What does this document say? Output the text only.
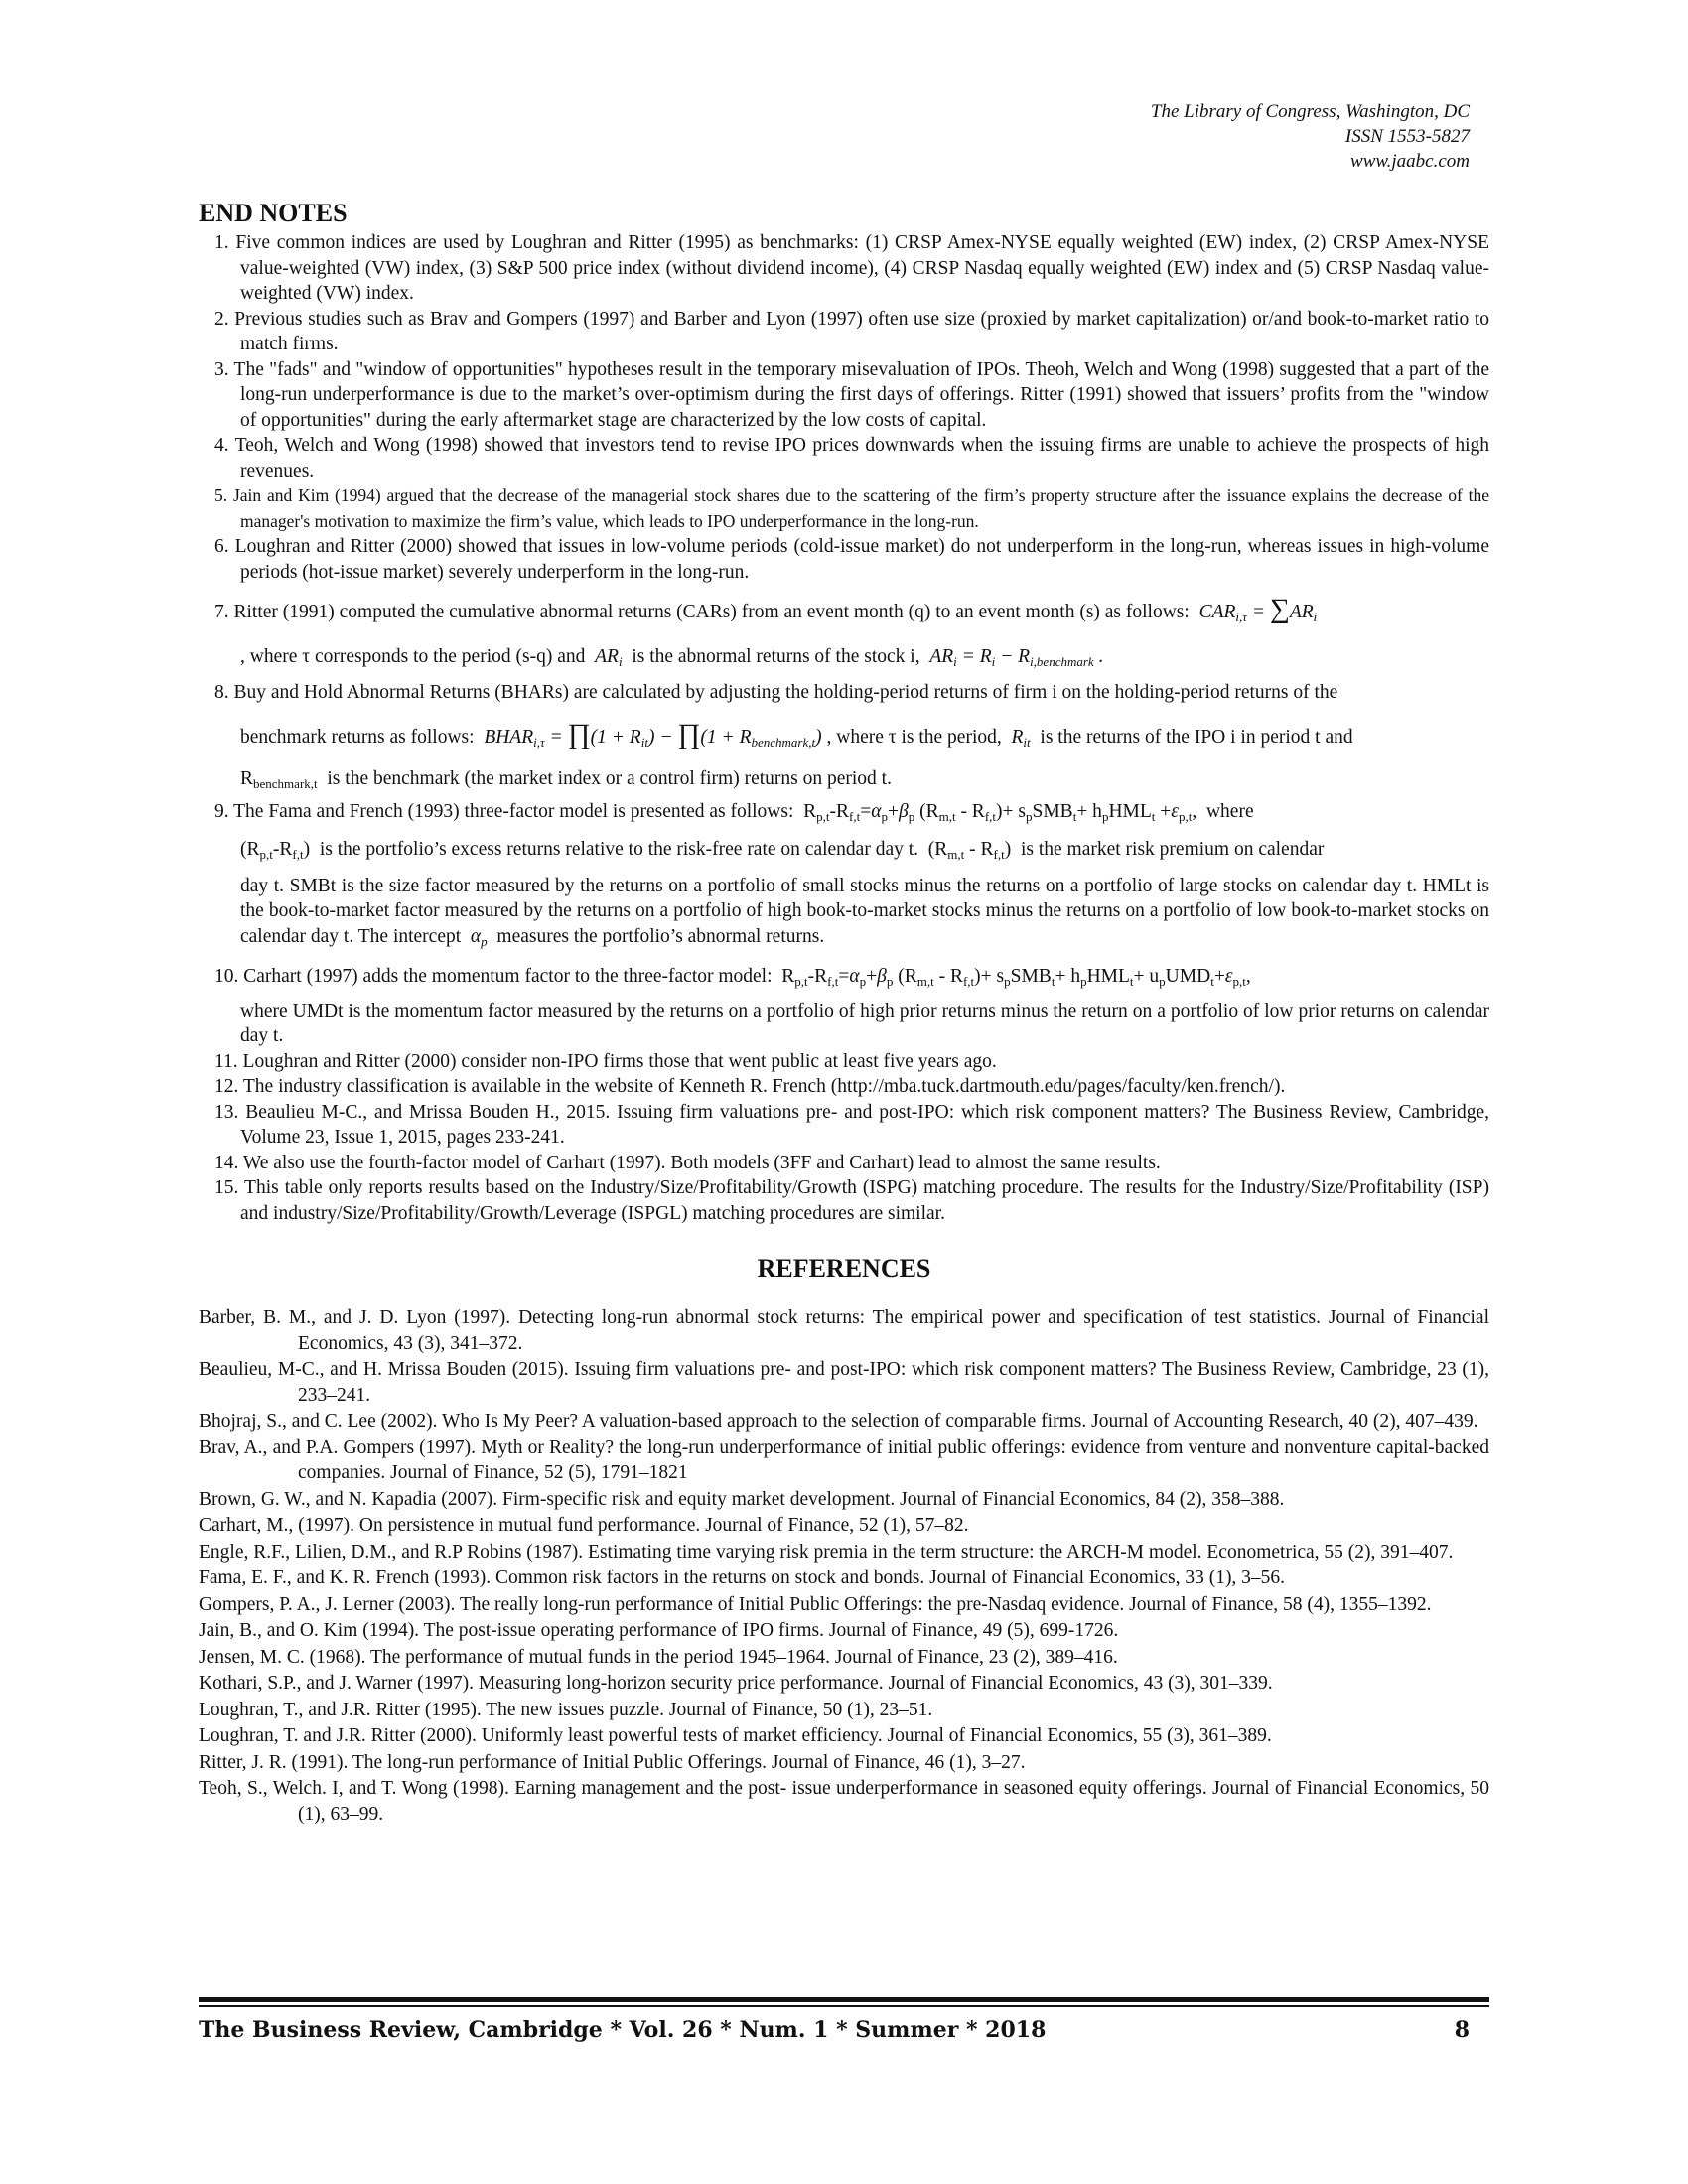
The Library of Congress, Washington, DC
ISSN 1553-5827
www.jaabc.com
END NOTES

1. Five common indices are used by Loughran and Ritter (1995) as benchmarks: (1) CRSP Amex-NYSE equally weighted (EW) index, (2) CRSP Amex-NYSE value-weighted (VW) index, (3) S&P 500 price index (without dividend income), (4) CRSP Nasdaq equally weighted (EW) index and (5) CRSP Nasdaq value-weighted (VW) index.

2. Previous studies such as Brav and Gompers (1997) and Barber and Lyon (1997) often use size (proxied by market capitalization) or/and book-to-market ratio to match firms.

3. The "fads" and "window of opportunities" hypotheses result in the temporary misevaluation of IPOs. Theoh, Welch and Wong (1998) suggested that a part of the long-run underperformance is due to the market’s over-optimism during the first days of offerings. Ritter (1991) showed that issuers’ profits from the "window of opportunities" during the early aftermarket stage are characterized by the low costs of capital.

4. Teoh, Welch and Wong (1998) showed that investors tend to revise IPO prices downwards when the issuing firms are unable to achieve the prospects of high revenues.

5. Jain and Kim (1994) argued that the decrease of the managerial stock shares due to the scattering of the firm’s property structure after the issuance explains the decrease of the manager's motivation to maximize the firm’s value, which leads to IPO underperformance in the long-run.

6. Loughran and Ritter (2000) showed that issues in low-volume periods (cold-issue market) do not underperform in the long-run, whereas issues in high-volume periods (hot-issue market) severely underperform in the long-run.

7. Ritter (1991) computed the cumulative abnormal returns (CARs) from an event month (q) to an event month (s) as follows:  $CAR_{i,\tau} = \sum AR_i$
, where τ corresponds to the period (s-q) and  $AR_i$ is the abnormal returns of the stock i,  $AR_i = R_i - R_{i,benchmark}$ .
8. Buy and Hold Abnormal Returns (BHARs) are calculated by adjusting the holding-period returns of firm i on the holding-period returns of the
benchmark returns as follows:  $BHAR_{i,\tau}$ = ∏(1 + $R_{it}$) − ∏(1 + $R_{benchmark,t}$) , where τ is the period,  $R_{it}$ is the returns of the IPO i in period t and
$R_{benchmark,t}$ is the benchmark (the market index or a control firm) returns on period t.
9. The Fama and French (1993) three-factor model is presented as follows:  $R_{p,t}-R_{f,t}=\alpha_p+\beta_p$ $(R_{m,t} - R_{f,t})+ s_pSMB_t+ h_pHML_t +\varepsilon_{p,t}$,  where
$(R_{p,t}-R_{f,t})$  is the portfolio’s excess returns relative to the risk-free rate on calendar day t.  $(R_{m,t} - R_{f,t})$  is the market risk premium on calendar
day t. SMBt is the size factor measured by the returns on a portfolio of small stocks minus the returns on a portfolio of large stocks on calendar day t. HMLt is the book-to-market factor measured by the returns on a portfolio of high book-to-market stocks minus the returns on a portfolio of low book-to-market stocks on calendar day t. The intercept  $\alpha_p$ measures the portfolio’s abnormal returns.
10. Carhart (1997) adds the momentum factor to the three-factor model:  $R_{p,t}-R_{f,t}=\alpha_p+\beta_p$ $(R_{m,t} - R_{f,t})+ s_pSMB_t+ h_pHML_t+ u_pUMD_t+\varepsilon_{p,t}$,
where UMDt is the momentum factor measured by the returns on a portfolio of high prior returns minus the return on a portfolio of low prior returns on calendar day t.

11. Loughran and Ritter (2000) consider non-IPO firms those that went public at least five years ago.

12. The industry classification is available in the website of Kenneth R. French (http://mba.tuck.dartmouth.edu/pages/faculty/ken.french/).

13. Beaulieu M-C., and Mrissa Bouden H., 2015. Issuing firm valuations pre- and post-IPO: which risk component matters? The Business Review, Cambridge, Volume 23, Issue 1, 2015, pages 233-241.

14. We also use the fourth-factor model of Carhart (1997). Both models (3FF and Carhart) lead to almost the same results.

15. This table only reports results based on the Industry/Size/Profitability/Growth (ISPG) matching procedure. The results for the Industry/Size/Profitability (ISP) and industry/Size/Profitability/Growth/Leverage (ISPGL) matching procedures are similar.

REFERENCES

Barber, B. M., and J. D. Lyon (1997). Detecting long-run abnormal stock returns: The empirical power and specification of test statistics. Journal of Financial Economics, 43 (3), 341–372.

Beaulieu, M-C., and H. Mrissa Bouden (2015). Issuing firm valuations pre- and post-IPO: which risk component matters? The Business Review, Cambridge, 23 (1), 233–241.

Bhojraj, S., and C. Lee (2002). Who Is My Peer? A valuation-based approach to the selection of comparable firms. Journal of Accounting Research, 40 (2), 407–439.

Brav, A., and P.A. Gompers (1997). Myth or Reality? the long-run underperformance of initial public offerings: evidence from venture and nonventure capital-backed companies. Journal of Finance, 52 (5), 1791–1821

Brown, G. W., and N. Kapadia (2007). Firm-specific risk and equity market development. Journal of Financial Economics, 84 (2), 358–388.

Carhart, M., (1997). On persistence in mutual fund performance. Journal of Finance, 52 (1), 57–82.

Engle, R.F., Lilien, D.M., and R.P Robins (1987). Estimating time varying risk premia in the term structure: the ARCH-M model. Econometrica, 55 (2), 391–407.

Fama, E. F., and K. R. French (1993). Common risk factors in the returns on stock and bonds. Journal of Financial Economics, 33 (1), 3–56.

Gompers, P. A., J. Lerner (2003). The really long-run performance of Initial Public Offerings: the pre-Nasdaq evidence. Journal of Finance, 58 (4), 1355–1392.

Jain, B., and O. Kim (1994). The post-issue operating performance of IPO firms. Journal of Finance, 49 (5), 699-1726.

Jensen, M. C. (1968). The performance of mutual funds in the period 1945–1964. Journal of Finance, 23 (2), 389–416.

Kothari, S.P., and J. Warner (1997). Measuring long-horizon security price performance. Journal of Financial Economics, 43 (3), 301–339.

Loughran, T., and J.R. Ritter (1995). The new issues puzzle. Journal of Finance, 50 (1), 23–51.

Loughran, T. and J.R. Ritter (2000). Uniformly least powerful tests of market efficiency. Journal of Financial Economics, 55 (3), 361–389.

Ritter, J. R. (1991). The long-run performance of Initial Public Offerings. Journal of Finance, 46 (1), 3–27.

Teoh, S., Welch. I, and T. Wong (1998). Earning management and the post- issue underperformance in seasoned equity offerings. Journal of Financial Economics, 50 (1), 63–99.

The Business Review, Cambridge * Vol. 26 * Num. 1 * Summer * 2018	8
